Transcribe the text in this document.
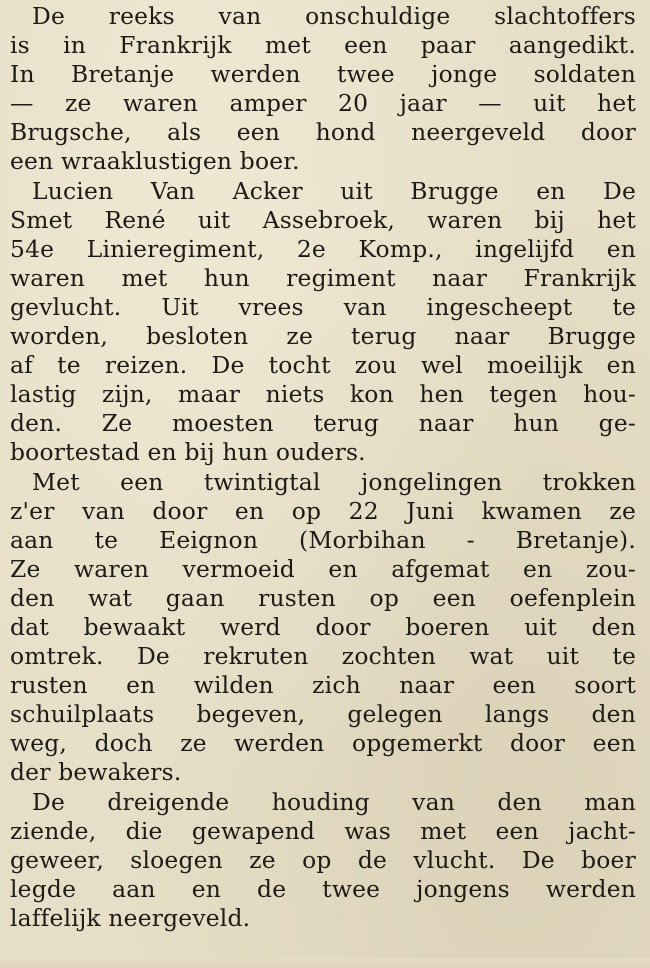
De reeks van onschuldige slachtoffers
is in Frankrijk met een paar aangedikt.
In Bretanje werden twee jonge soldaten
— ze waren amper 20 jaar — uit het
Brugsche, als een hond neergeveld door
een wraaklustigen boer.
Lucien Van Acker uit Brugge en De
Smet René uit Assebroek, waren bij het
54e Linieregiment, 2e Komp., ingelijfd en
waren met hun regiment naar Frankrijk
gevlucht. Uit vrees van ingescheept te
worden, besloten ze terug naar Brugge
af te reizen. De tocht zou wel moeilijk en
lastig zijn, maar niets kon hen tegen hou-
den. Ze moesten terug naar hun ge-
boortestad en bij hun ouders.
Met een twintigtal jongelingen trokken
z'er van door en op 22 Juni kwamen ze
aan te Eeignon (Morbihan - Bretanje).
Ze waren vermoeid en afgemat en zou-
den wat gaan rusten op een oefenplein
dat bewaakt werd door boeren uit den
omtrek. De rekruten zochten wat uit te
rusten en wilden zich naar een soort
schuilplaats begeven, gelegen langs den
weg, doch ze werden opgemerkt door een
der bewakers.
De dreigende houding van den man
ziende, die gewapend was met een jacht-
geweer, sloegen ze op de vlucht. De boer
legde aan en de twee jongens werden
laffelijk neergeveld.
